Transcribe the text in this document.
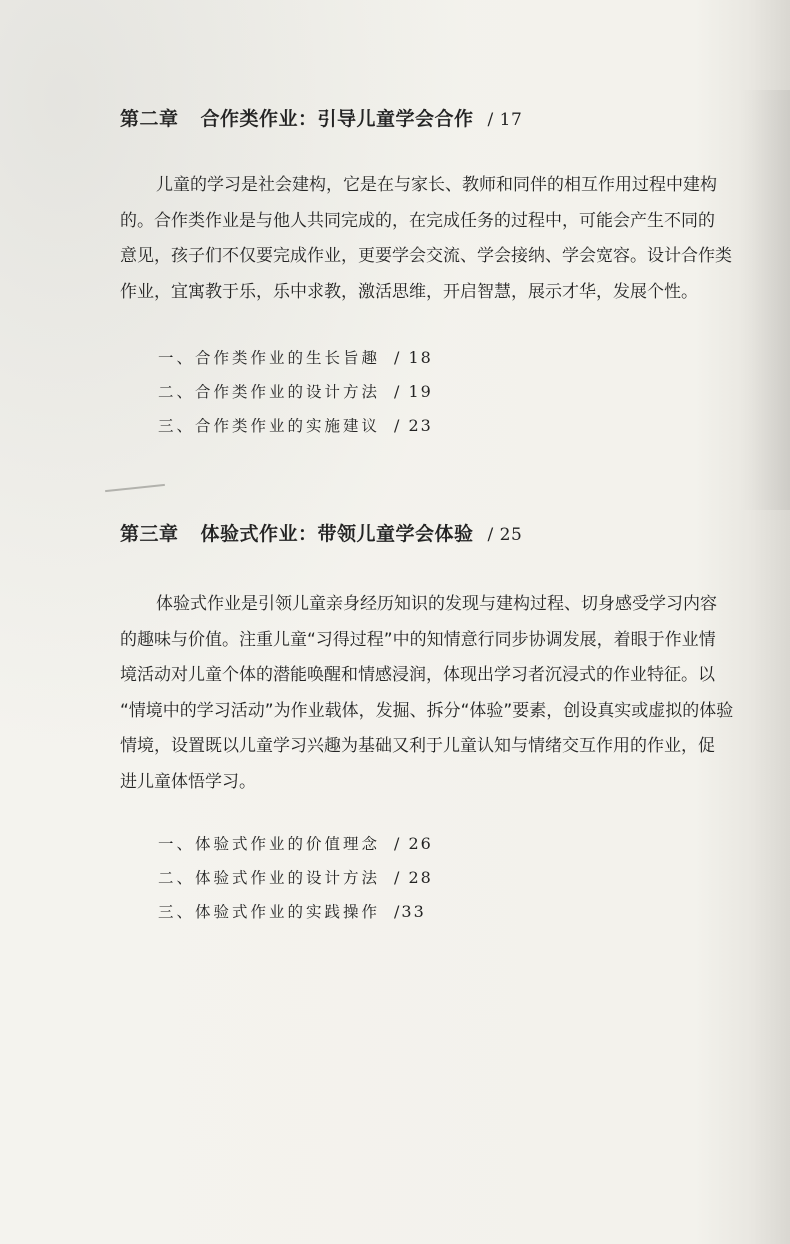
第二章 合作类作业：引导儿童学会合作 / 17
儿童的学习是社会建构，它是在与家长、教师和同伴的相互作用过程中建构
的。合作类作业是与他人共同完成的，在完成任务的过程中，可能会产生不同的
意见，孩子们不仅要完成作业，更要学会交流、学会接纳、学会宽容。设计合作类
作业，宜寓教于乐，乐中求教，激活思维，开启智慧，展示才华，发展个性。
一、合作类作业的生长旨趣 / 18
二、合作类作业的设计方法 / 19
三、合作类作业的实施建议 / 23
第三章 体验式作业：带领儿童学会体验 / 25
体验式作业是引领儿童亲身经历知识的发现与建构过程、切身感受学习内容
的趣味与价值。注重儿童“习得过程”中的知情意行同步协调发展，着眼于作业情
境活动对儿童个体的潜能唤醒和情感浸润，体现出学习者沉浸式的作业特征。以
“情境中的学习活动”为作业载体，发掘、拆分“体验”要素，创设真实或虚拟的体验
情境，设置既以儿童学习兴趣为基础又利于儿童认知与情绪交互作用的作业，促
进儿童体悟学习。
一、体验式作业的价值理念 / 26
二、体验式作业的设计方法 / 28
三、体验式作业的实践操作 /33
